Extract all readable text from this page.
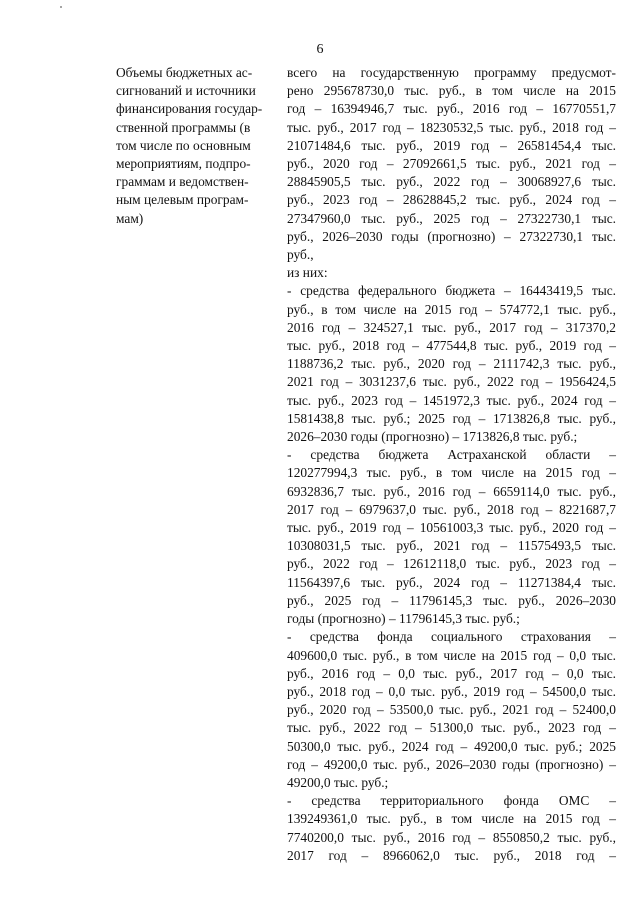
6
Объемы бюджетных ас-
сигнований и источники
финансирования государ-
ственной программы (в
том числе по основным
мероприятиям, подпро-
граммам и ведомствен-
ным целевым програм-
мам)
всего на государственную программу предусмот-
рено 295678730,0 тыс. руб., в том числе на 2015
год – 16394946,7 тыс. руб., 2016 год – 16770551,7
тыс. руб., 2017 год – 18230532,5 тыс. руб., 2018 год –
21071484,6 тыс. руб., 2019 год – 26581454,4 тыс.
руб., 2020 год – 27092661,5 тыс. руб., 2021 год –
28845905,5 тыс. руб., 2022 год – 30068927,6 тыс.
руб., 2023 год – 28628845,2 тыс. руб., 2024 год –
27347960,0 тыс. руб., 2025 год – 27322730,1 тыс.
руб., 2026–2030 годы (прогнозно) – 27322730,1 тыс.
руб.,
из них:
- средства федерального бюджета – 16443419,5 тыс.
руб., в том числе на 2015 год – 574772,1 тыс. руб.,
2016 год – 324527,1 тыс. руб., 2017 год – 317370,2
тыс. руб., 2018 год – 477544,8 тыс. руб., 2019 год –
1188736,2 тыс. руб., 2020 год – 2111742,3 тыс. руб.,
2021 год – 3031237,6 тыс. руб., 2022 год – 1956424,5
тыс. руб., 2023 год – 1451972,3 тыс. руб., 2024 год –
1581438,8 тыс. руб.; 2025 год – 1713826,8 тыс. руб.,
2026–2030 годы (прогнозно) – 1713826,8 тыс. руб.;
- средства бюджета Астраханской области –
120277994,3 тыс. руб., в том числе на 2015 год –
6932836,7 тыс. руб., 2016 год – 6659114,0 тыс. руб.,
2017 год – 6979637,0 тыс. руб., 2018 год – 8221687,7
тыс. руб., 2019 год – 10561003,3 тыс. руб., 2020 год –
10308031,5 тыс. руб., 2021 год – 11575493,5 тыс.
руб., 2022 год – 12612118,0 тыс. руб., 2023 год –
11564397,6 тыс. руб., 2024 год – 11271384,4 тыс.
руб., 2025 год – 11796145,3 тыс. руб., 2026–2030
годы (прогнозно) – 11796145,3 тыс. руб.;
- средства фонда социального страхования –
409600,0 тыс. руб., в том числе на 2015 год – 0,0 тыс.
руб., 2016 год – 0,0 тыс. руб., 2017 год – 0,0 тыс.
руб., 2018 год – 0,0 тыс. руб., 2019 год – 54500,0 тыс.
руб., 2020 год – 53500,0 тыс. руб., 2021 год – 52400,0
тыс. руб., 2022 год – 51300,0 тыс. руб., 2023 год –
50300,0 тыс. руб., 2024 год – 49200,0 тыс. руб.; 2025
год – 49200,0 тыс. руб., 2026–2030 годы (прогнозно) –
49200,0 тыс. руб.;
- средства территориального фонда ОМС –
139249361,0 тыс. руб., в том числе на 2015 год –
7740200,0 тыс. руб., 2016 год – 8550850,2 тыс. руб.,
2017 год – 8966062,0 тыс. руб., 2018 год –
